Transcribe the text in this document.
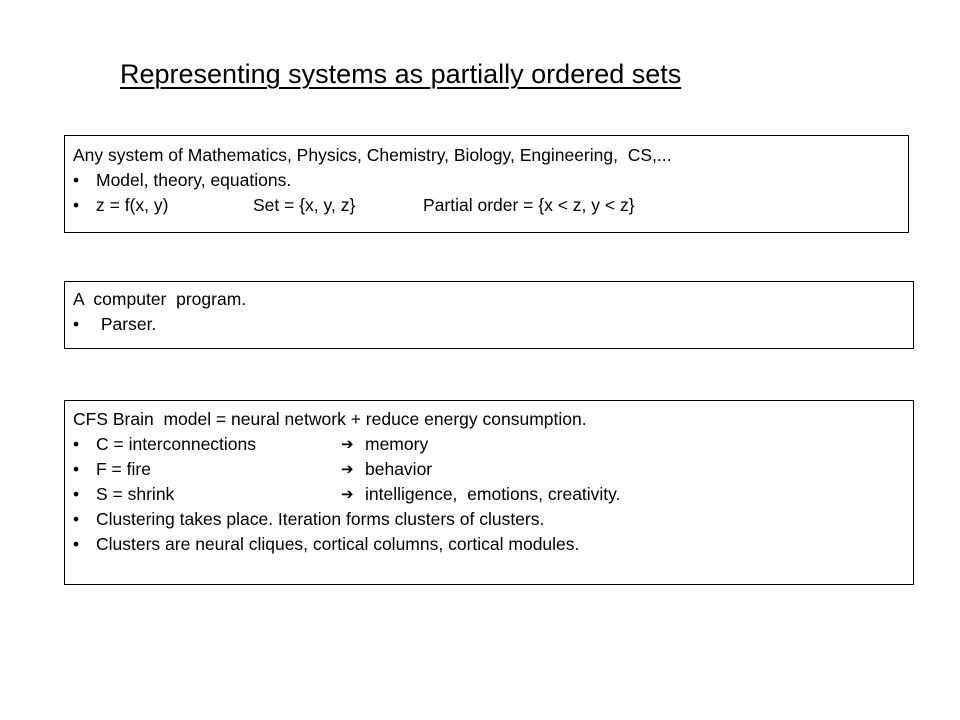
Representing systems as partially ordered sets
Any system of Mathematics, Physics, Chemistry, Biology, Engineering,  CS,...
• Model, theory, equations.
• z = f(x, y)	Set = {x, y, z}	Partial order = {x < z, y < z}
A  computer  program.
• Parser.
CFS Brain  model = neural network + reduce energy consumption.
• C = interconnections	➔ memory
• F = fire	➔ behavior
• S = shrink	➔ intelligence,  emotions, creativity.
• Clustering takes place. Iteration forms clusters of clusters.
• Clusters are neural cliques, cortical columns, cortical modules.
